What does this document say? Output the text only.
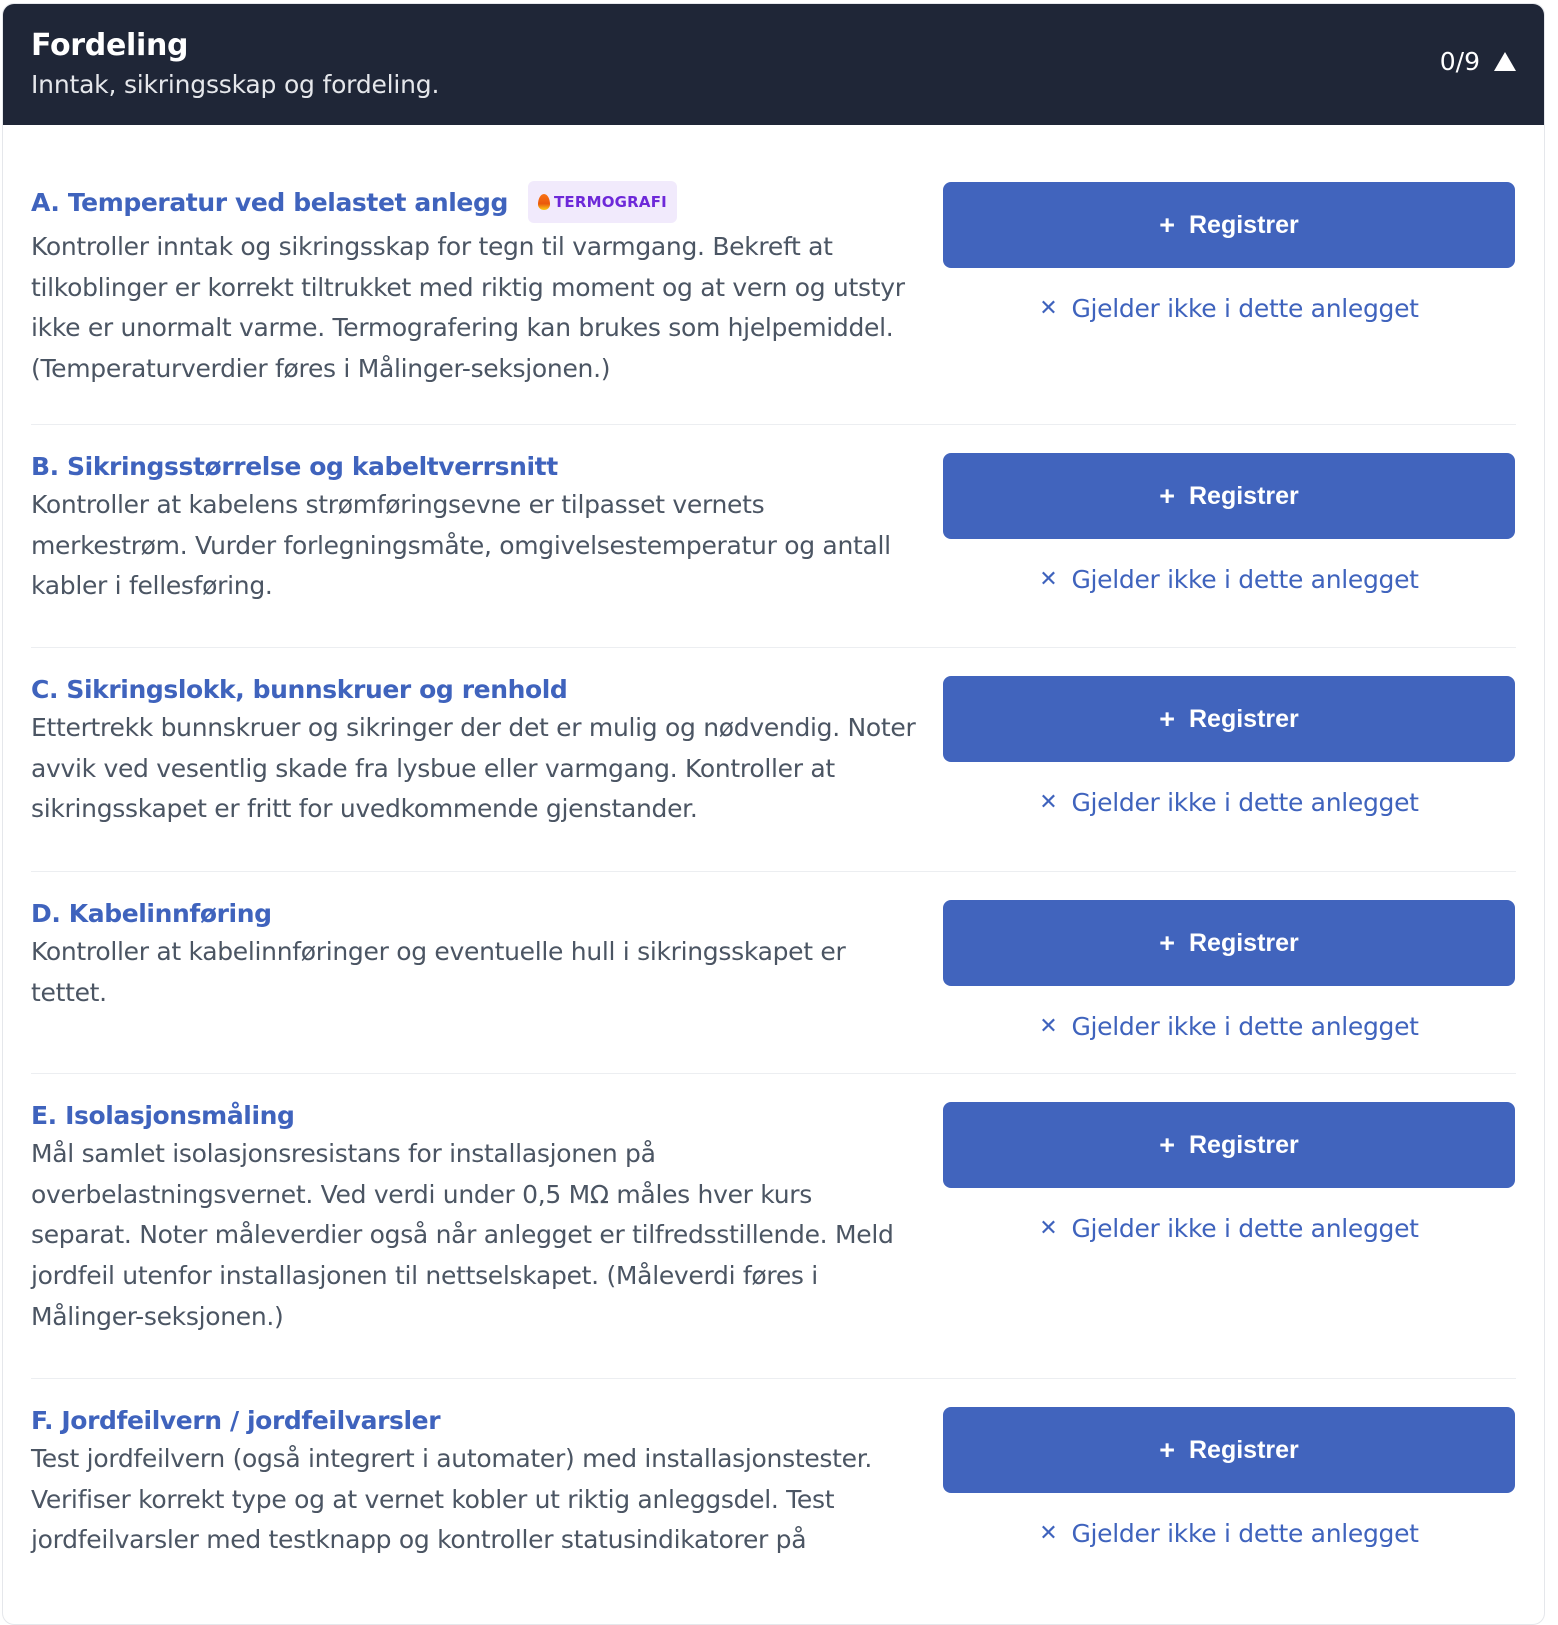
Fordeling
Inntak, sikringsskap og fordeling.
0/9
A. Temperatur ved belastet anlegg	TERMOGRAFI

Kontroller inntak og sikringsskap for tegn til varmgang. Bekreft at tilkoblinger er korrekt tiltrukket med riktig moment og at vern og utstyr ikke er unormalt varme. Termografering kan brukes som hjelpemiddel. (Temperaturverdier føres i Målinger-seksjonen.)

+ Registrer
✕ Gjelder ikke i dette anlegget
B. Sikringsstørrelse og kabeltverrsnitt

Kontroller at kabelens strømføringsevne er tilpasset vernets merkestrøm. Vurder forlegningsmåte, omgivelsestemperatur og antall kabler i fellesføring.

+ Registrer
✕ Gjelder ikke i dette anlegget
C. Sikringslokk, bunnskruer og renhold

Ettertrekk bunnskruer og sikringer der det er mulig og nødvendig. Noter avvik ved vesentlig skade fra lysbue eller varmgang. Kontroller at sikringsskapet er fritt for uvedkommende gjenstander.

+ Registrer
✕ Gjelder ikke i dette anlegget
D. Kabelinnføring

Kontroller at kabelinnføringer og eventuelle hull i sikringsskapet er tettet.

+ Registrer
✕ Gjelder ikke i dette anlegget
E. Isolasjonsmåling

Mål samlet isolasjonsresistans for installasjonen på overbelastningsvernet. Ved verdi under 0,5 MΩ måles hver kurs separat. Noter måleverdier også når anlegget er tilfredsstillende. Meld jordfeil utenfor installasjonen til nettselskapet. (Måleverdi føres i Målinger-seksjonen.)

+ Registrer
✕ Gjelder ikke i dette anlegget
F. Jordfeilvern / jordfeilvarsler

Test jordfeilvern (også integrert i automater) med installasjonstester. Verifiser korrekt type og at vernet kobler ut riktig anleggsdel. Test jordfeilvarsler med testknapp og kontroller statusindikatorer på

+ Registrer
✕ Gjelder ikke i dette anlegget
